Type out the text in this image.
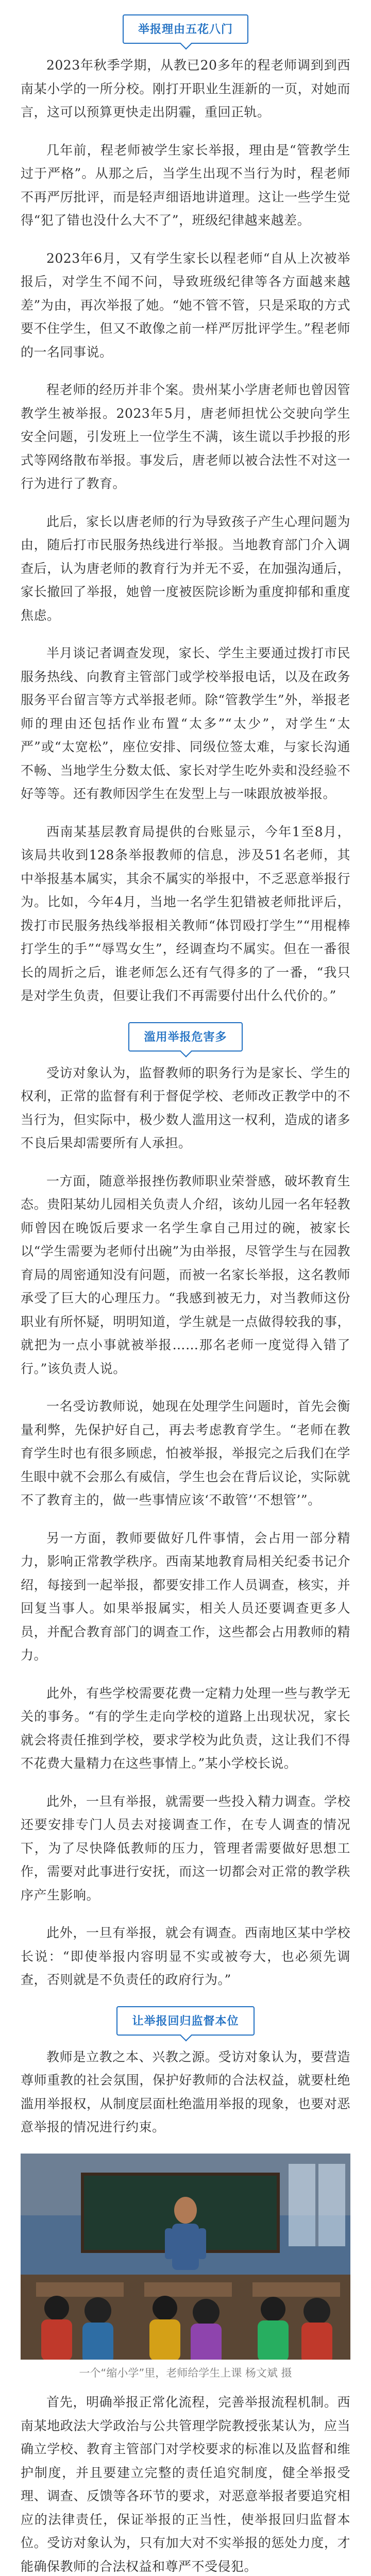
举报理由五花八门

2023年秋季学期，从教已20多年的程老师调到到西南某小学的一所分校。刚打开职业生涯新的一页，对她而言，这可以预算更快走出阴霾，重回正轨。

几年前，程老师被学生家长举报，理由是“管教学生过于严格”。从那之后，当学生出现不当行为时，程老师不再严厉批评，而是轻声细语地讲道理。这让一些学生觉得“犯了错也没什么大不了”，班级纪律越来越差。

2023年6月，又有学生家长以程老师“自从上次被举报后，对学生不闻不问，导致班级纪律等各方面越来越差”为由，再次举报了她。“她不管不管，只是采取的方式要不住学生，但又不敢像之前一样严厉批评学生。”程老师的一名同事说。

程老师的经历并非个案。贵州某小学唐老师也曾因管教学生被举报。2023年5月，唐老师担忧公交驶向学生安全问题，引发班上一位学生不满，该生谎以手抄报的形式等网络散布举报。事发后，唐老师以被合法性不对这一行为进行了教育。

此后，家长以唐老师的行为导致孩子产生心理问题为由，随后打市民服务热线进行举报。当地教育部门介入调查后，认为唐老师的教育行为并无不妥，在加强沟通后，家长撤回了举报，她曾一度被医院诊断为重度抑郁和重度焦虑。

半月谈记者调查发现，家长、学生主要通过拨打市民服务热线、向教育主管部门或学校举报电话，以及在政务服务平台留言等方式举报老师。除“管教学生”外，举报老师的理由还包括作业布置“太多”“太少”，对学生“太严”或“太宽松”，座位安排、同级位签太难，与家长沟通不畅、当地学生分数太低、家长对学生吃外卖和没经验不好等等。还有教师因学生在发型上与一味跟放被举报。

西南某基层教育局提供的台账显示，今年1至8月，该局共收到128条举报教师的信息，涉及51名老师，其中举报基本属实，其余不属实的举报中，不乏恶意举报行为。比如，今年4月，当地一名学生犯错被老师批评后，拨打市民服务热线举报相关教师“体罚殴打学生”“用棍棒打学生的手”“辱骂女生”，经调查均不属实。但在一番很长的周折之后，谁老师怎么还有气得多的了一番，“我只是对学生负责，但要让我们不再需要付出什么代价的。”

滥用举报危害多

受访对象认为，监督教师的职务行为是家长、学生的权利，正常的监督有利于督促学校、老师改正教学中的不当行为，但实际中，极少数人滥用这一权利，造成的诸多不良后果却需要所有人承担。

一方面，随意举报挫伤教师职业荣誉感，破坏教育生态。贵阳某幼儿园相关负责人介绍，该幼儿园一名年轻教师曾因在晚饭后要求一名学生拿自己用过的碗，被家长以“学生需要为老师付出碗”为由举报，尽管学生与在园教育局的周密通知没有问题，而被一名家长举报，这名教师承受了巨大的心理压力。“我感到被无力，对当教师这份职业有所怀疑，明明知道，学生就是一点做得较我的事，就把为一点小事就被举报……那名老师一度觉得入错了行。”该负责人说。

一名受访教师说，她现在处理学生问题时，首先会衡量利弊，先保护好自己，再去考虑教育学生。“老师在教育学生时也有很多顾虑，怕被举报，举报完之后我们在学生眼中就不会那么有威信，学生也会在背后议论，实际就不了教育主的，做一些事情应该‘不敢管’‘不想管’”。

另一方面，教师要做好几件事情，会占用一部分精力，影响正常教学秩序。西南某地教育局相关纪委书记介绍，每接到一起举报，都要安排工作人员调查，核实，并回复当事人。如果举报属实，相关人员还要调查更多人员，并配合教育部门的调查工作，这些都会占用教师的精力。

此外，有些学校需要花费一定精力处理一些与教学无关的事务。“有的学生走向学校的道路上出现状况，家长就会将责任推到学校，要求学校为此负责，这让我们不得不花费大量精力在这些事情上。”某小学校长说。

此外，一旦有举报，就需要一些投入精力调查。学校还要安排专门人员去对接调查工作，在专人调查的情况下，为了尽快降低教师的压力，管理者需要做好思想工作，需要对此事进行安抚，而这一切都会对正常的教学秩序产生影响。

此外，一旦有举报，就会有调查。西南地区某中学校长说：“即使举报内容明显不实或被夸大，也必须先调查，否则就是不负责任的政府行为。”

让举报回归监督本位

教师是立教之本、兴教之源。受访对象认为，要营造尊师重教的社会氛围，保护好教师的合法权益，就要杜绝滥用举报权，从制度层面杜绝滥用举报的现象，也要对恶意举报的情况进行约束。

一个“缩小学”里，老师给学生上课 杨文斌 摄

首先，明确举报正常化流程，完善举报流程机制。西南某地政法大学政治与公共管理学院教授张某认为，应当确立学校、教育主管部门对学校要求的标准以及监督和维护制度，并且要建立完整的责任追究制度，健全举报受理、调查、反馈等各环节的要求，对恶意举报者要追究相应的法律责任，保证举报的正当性，使举报回归监督本位。受访对象认为，只有加大对不实举报的惩处力度，才能确保教师的合法权益和尊严不受侵犯。
